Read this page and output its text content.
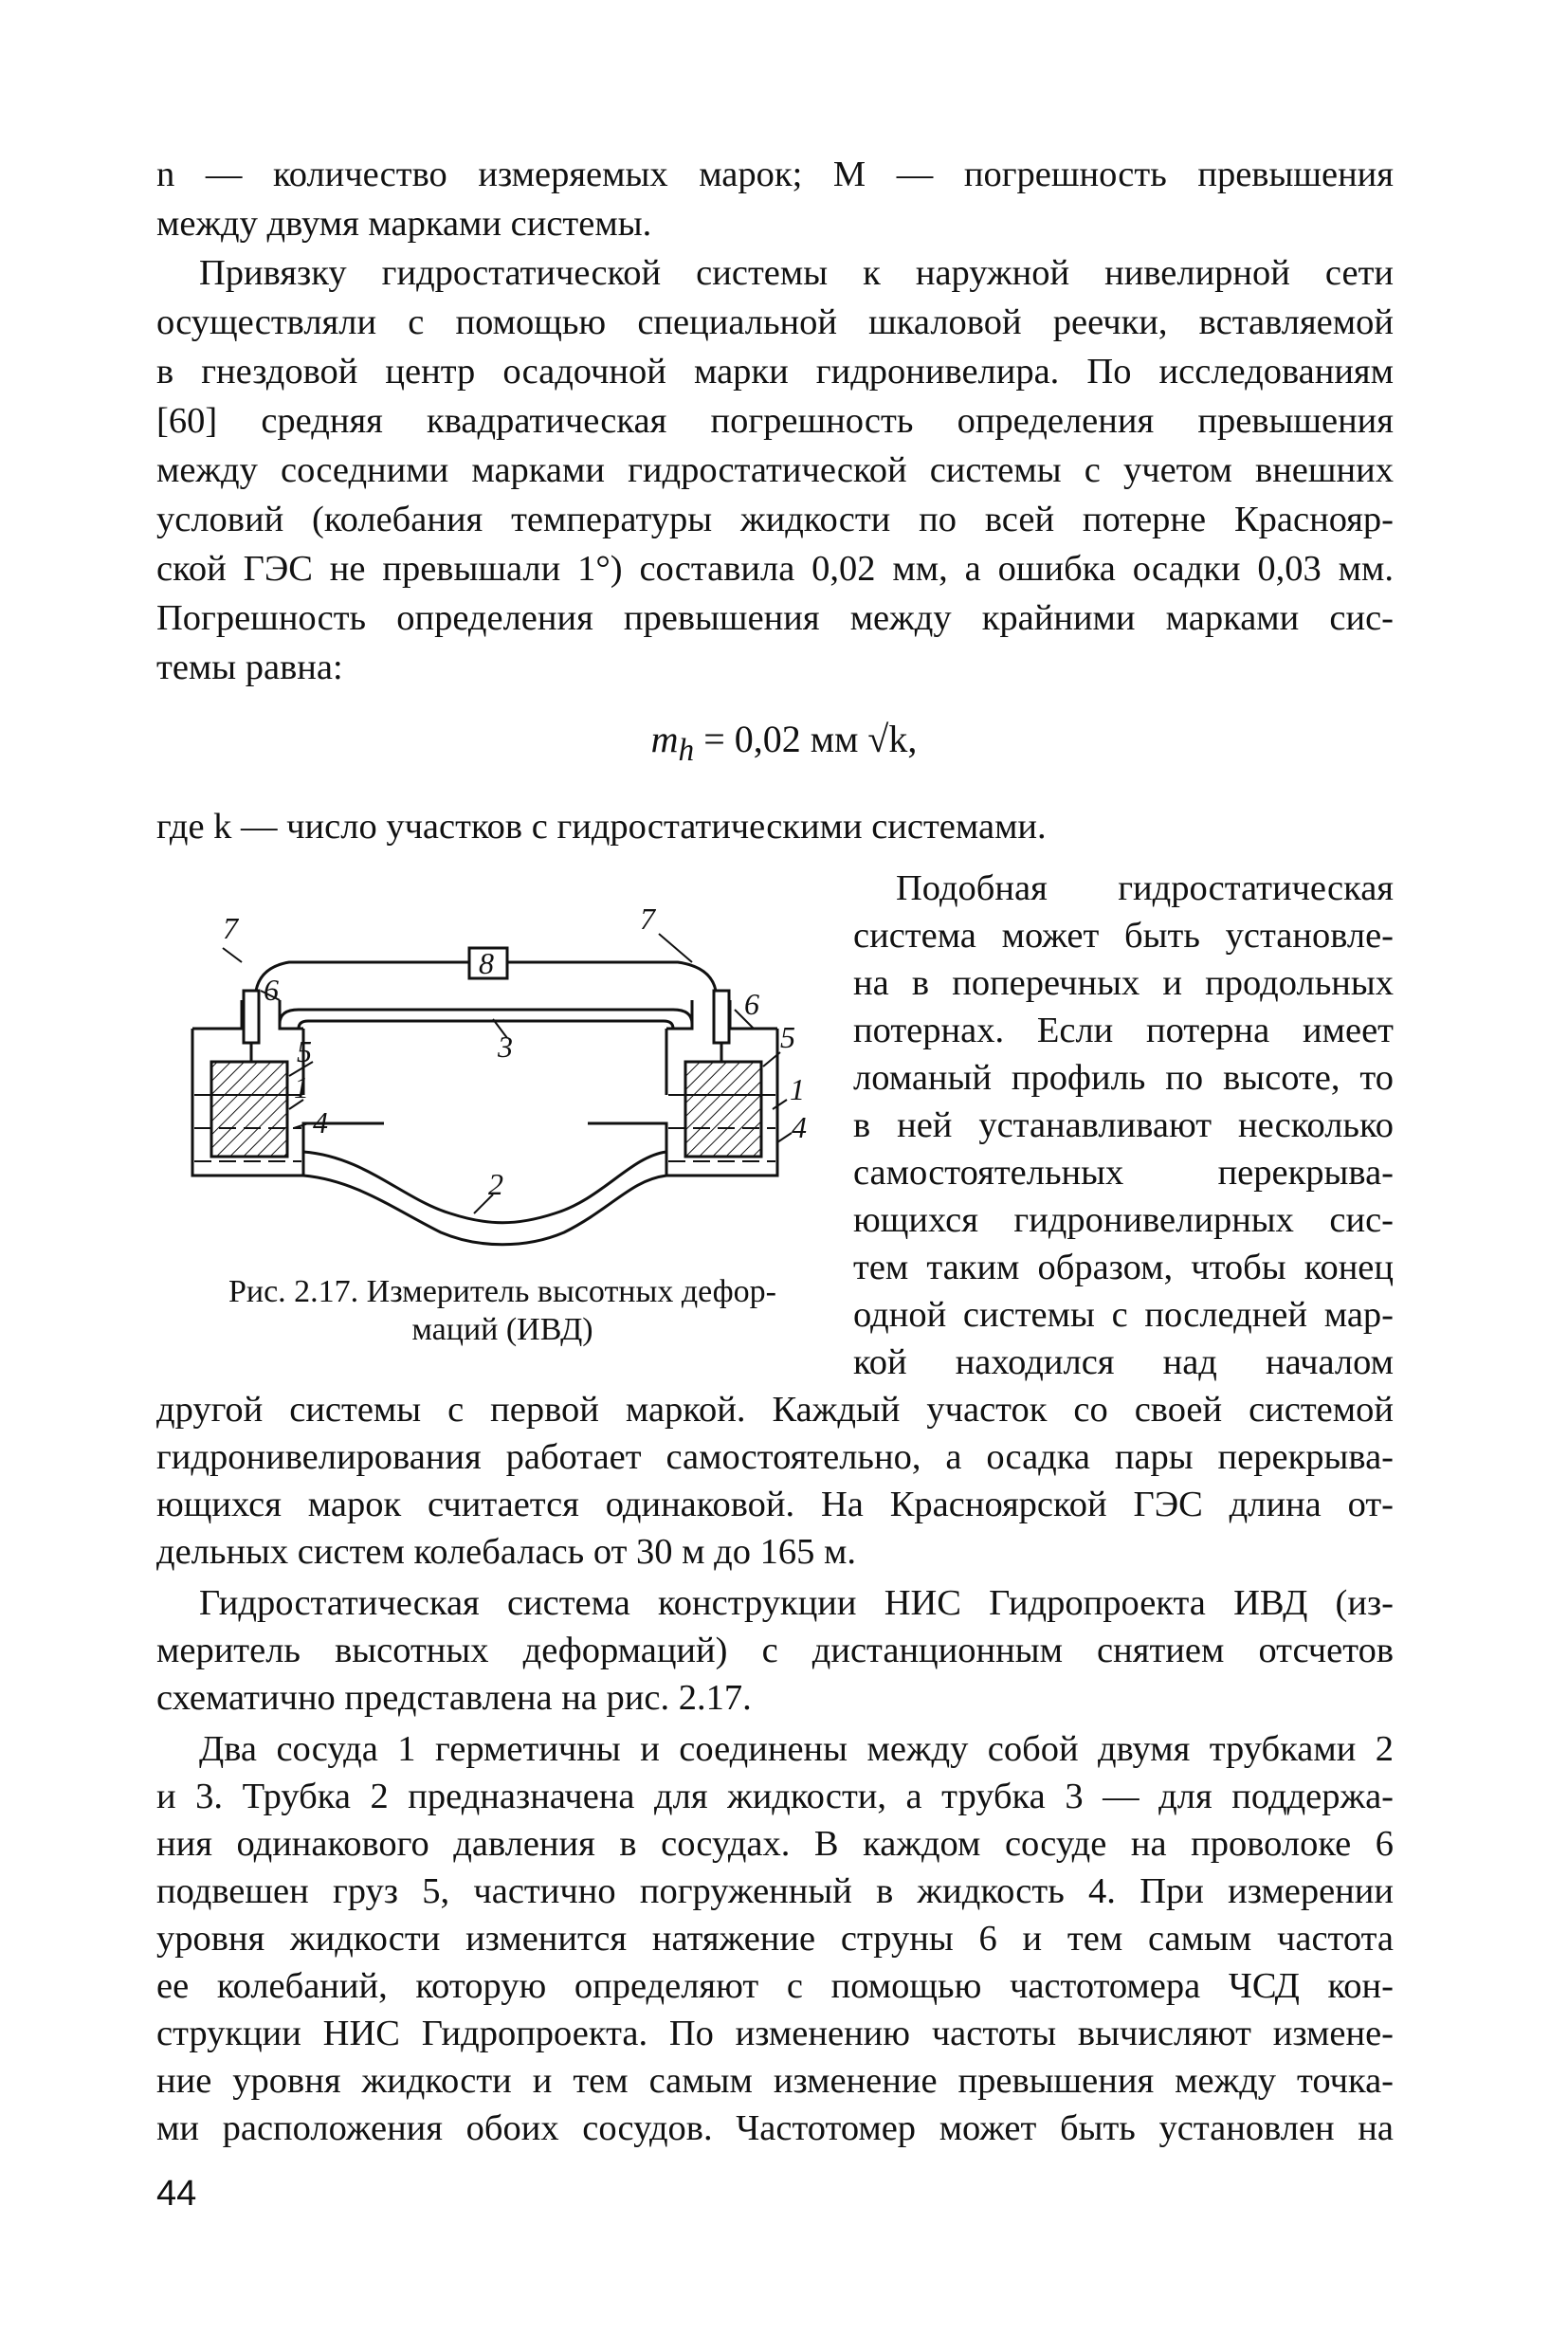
n — количество измеряемых марок; M — погрешность превышения
между двумя марками системы.
Привязку гидростатической системы к наружной нивелирной сети
осуществляли с помощью специальной шкаловой реечки, вставляемой
в гнездовой центр осадочной марки гидронивелира. По исследованиям
[60] средняя квадратическая погрешность определения превышения
между соседними марками гидростатической системы с учетом внешних
условий (колебания температуры жидкости по всей потерне Краснояр-
ской ГЭС не превышали 1°) составила 0,02 мм, а ошибка осадки 0,03 мм.
Погрешность определения превышения между крайними марками сис-
темы равна:
$m_h = 0,02$ мм √k,
где k — число участков с гидростатическими системами.
7	7
8
6	6
3
5	5
1	1
4	4
2
Рис. 2.17. Измеритель высотных дефор-
маций (ИВД)
Подобная гидростатическая
система может быть установле-
на в поперечных и продольных
потернах. Если потерна имеет
ломаный профиль по высоте, то
в ней устанавливают несколько
самостоятельных перекрыва-
ющихся гидронивелирных сис-
тем таким образом, чтобы конец
одной системы с последней мар-
кой находился над началом
другой системы с первой маркой. Каждый участок со своей системой
гидронивелирования работает самостоятельно, а осадка пары перекрыва-
ющихся марок считается одинаковой. На Красноярской ГЭС длина от-
дельных систем колебалась от 30 м до 165 м.
Гидростатическая система конструкции НИС Гидропроекта ИВД (из-
меритель высотных деформаций) с дистанционным снятием отсчетов
схематично представлена на рис. 2.17.
Два сосуда 1 герметичны и соединены между собой двумя трубками 2
и 3. Трубка 2 предназначена для жидкости, а трубка 3 — для поддержа-
ния одинакового давления в сосудах. В каждом сосуде на проволоке 6
подвешен груз 5, частично погруженный в жидкость 4. При измерении
уровня жидкости изменится натяжение струны 6 и тем самым частота
ее колебаний, которую определяют с помощью частотомера ЧСД кон-
струкции НИС Гидропроекта. По изменению частоты вычисляют измене-
ние уровня жидкости и тем самым изменение превышения между точка-
ми расположения обоих сосудов. Частотомер может быть установлен на
44
